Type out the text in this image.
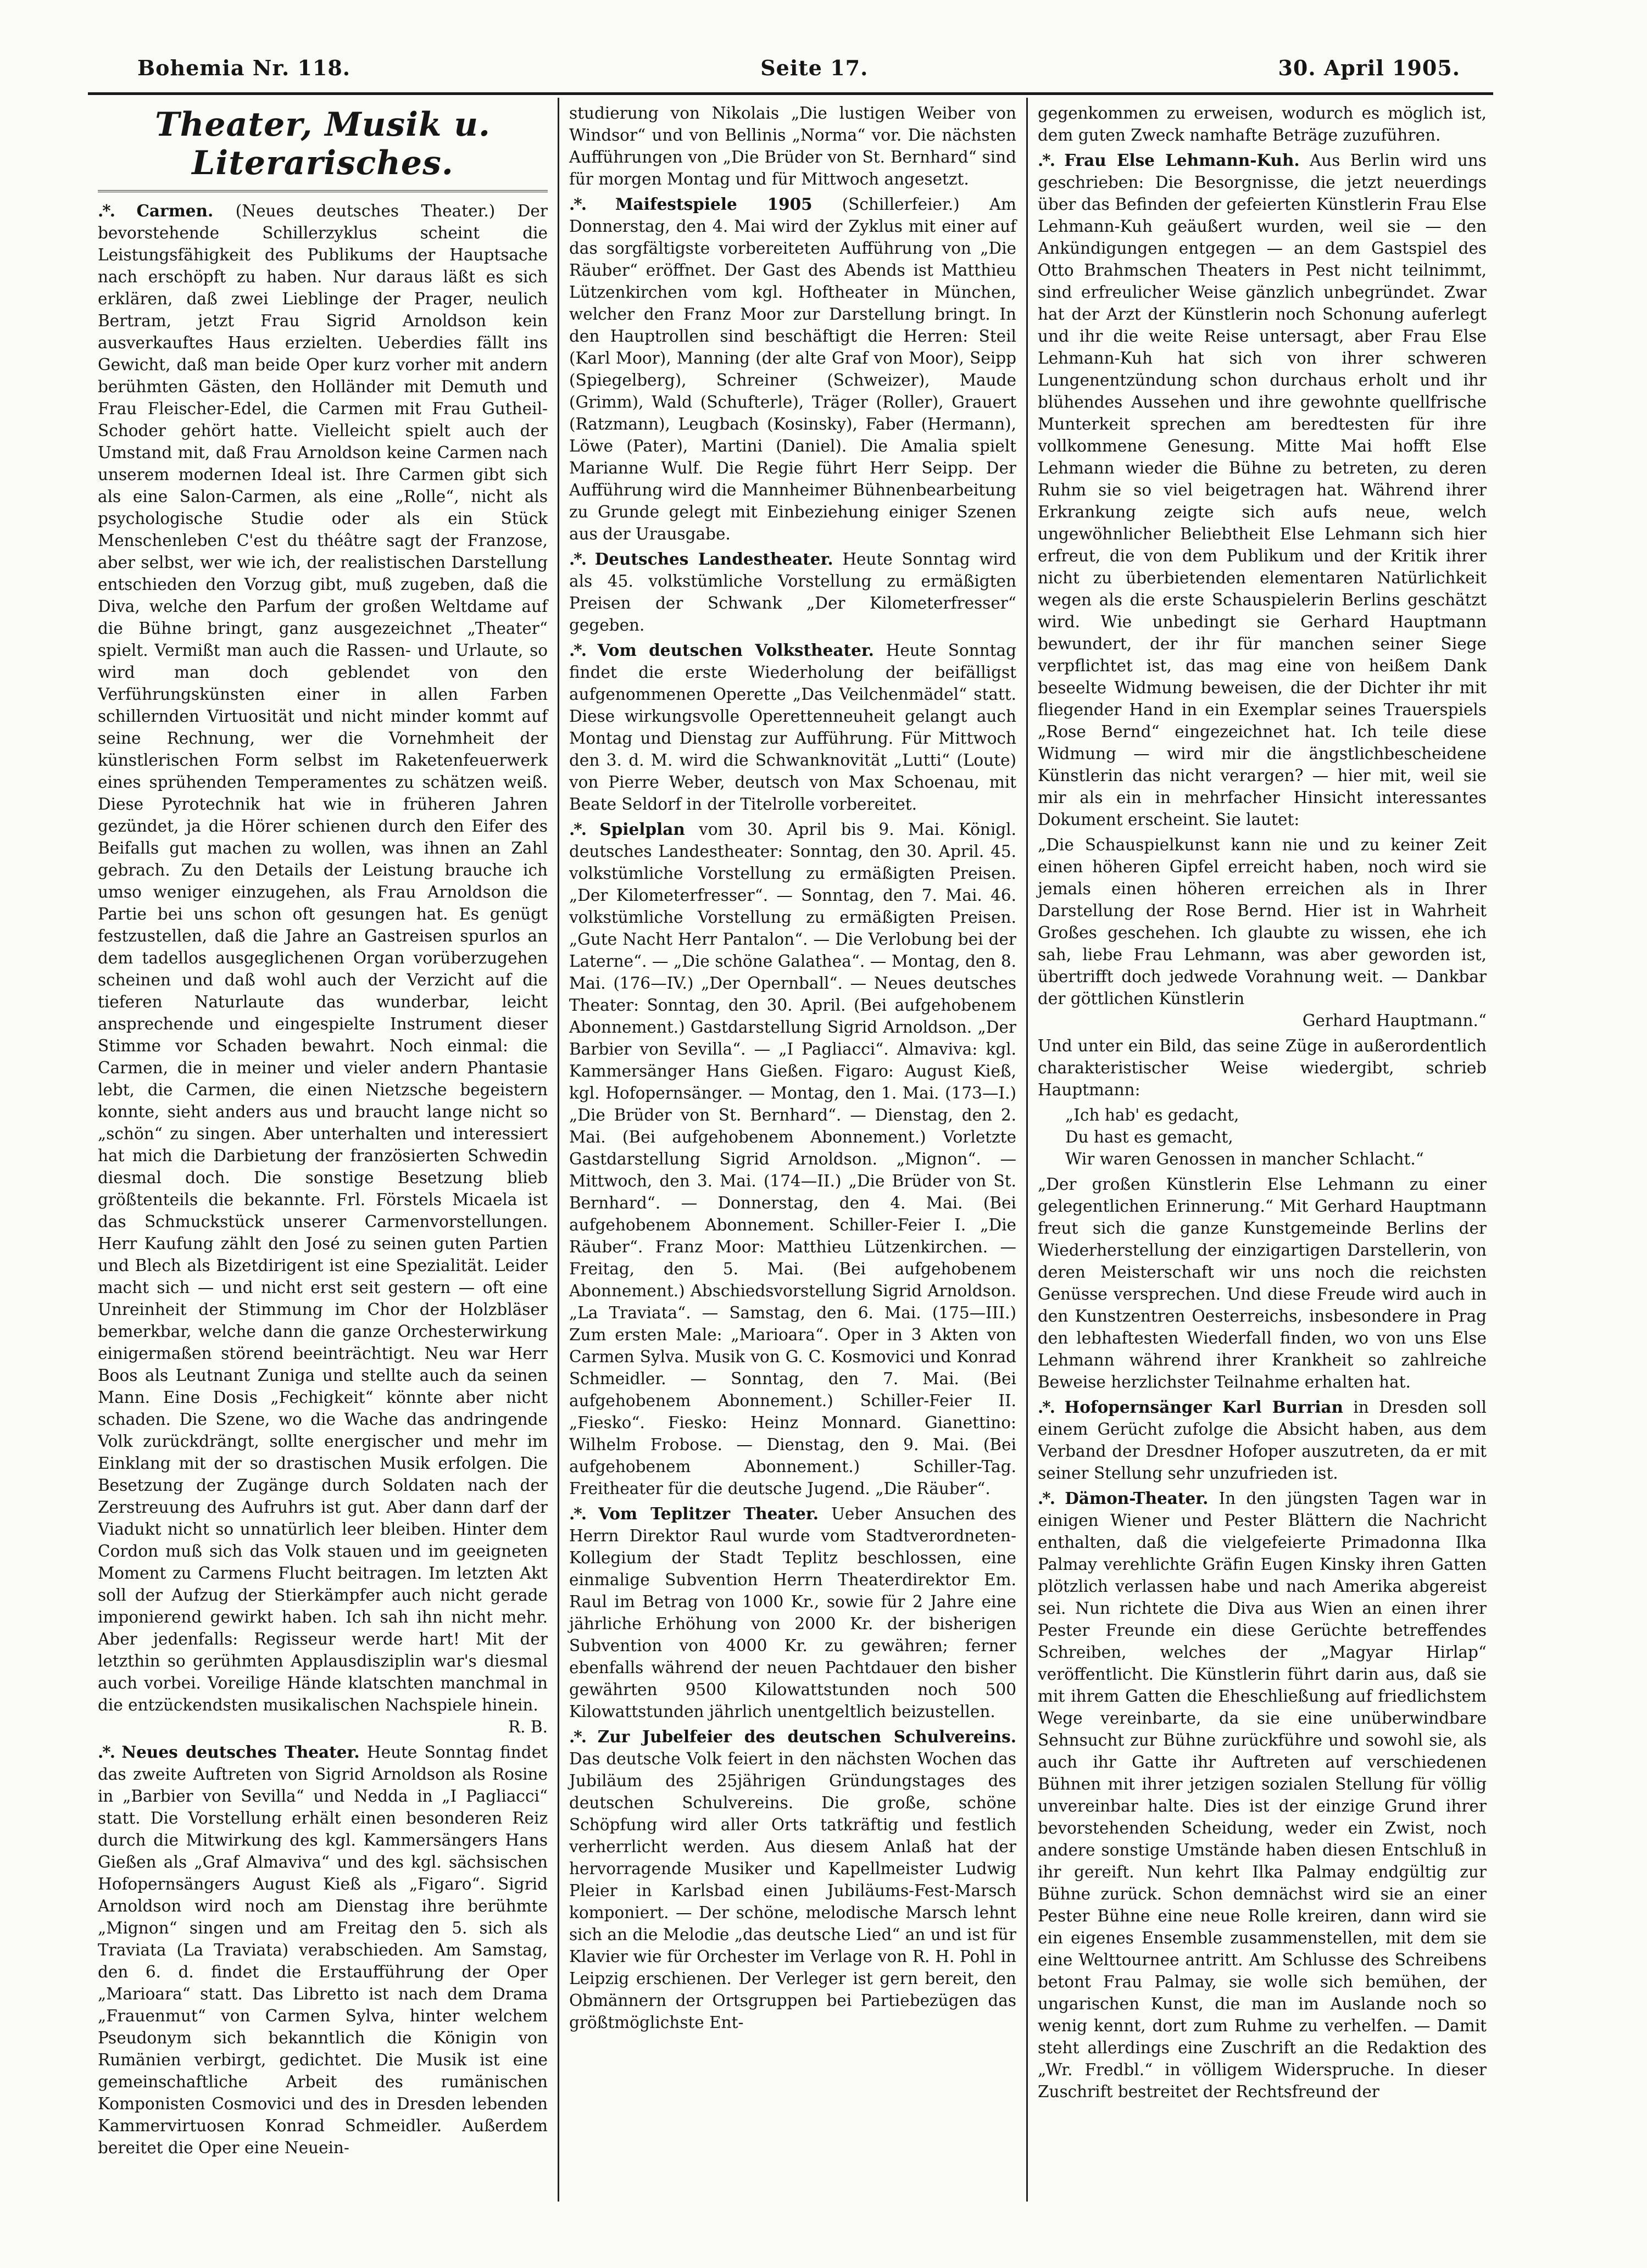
Bohemia Nr. 118.	Seite 17.	30. April 1905.
Theater, Musik u. Literarisches.

.*. Carmen. (Neues deutsches Theater.) Der bevorstehende Schillerzyklus scheint die Leistungsfähigkeit des Publikums der Hauptsache nach erschöpft zu haben. Nur daraus läßt es sich erklären, daß zwei Lieblinge der Prager, neulich Bertram, jetzt Frau Sigrid Arnoldson kein ausverkauftes Haus erzielten. Ueberdies fällt ins Gewicht, daß man beide Oper kurz vorher mit andern berühmten Gästen, den Holländer mit Demuth und Frau Fleischer-Edel, die Carmen mit Frau Gutheil-Schoder gehört hatte. Vielleicht spielt auch der Umstand mit, daß Frau Arnoldson keine Carmen nach unserem modernen Ideal ist. Ihre Carmen gibt sich als eine Salon-Carmen, als eine „Rolle“, nicht als psychologische Studie oder als ein Stück Menschenleben C'est du théâtre sagt der Franzose, aber selbst, wer wie ich, der realistischen Darstellung entschieden den Vorzug gibt, muß zugeben, daß die Diva, welche den Parfum der großen Weltdame auf die Bühne bringt, ganz ausgezeichnet „Theater“ spielt. Vermißt man auch die Rassen- und Urlaute, so wird man doch geblendet von den Verführungskünsten einer in allen Farben schillernden Virtuosität und nicht minder kommt auf seine Rechnung, wer die Vornehmheit der künstlerischen Form selbst im Raketenfeuerwerk eines sprühenden Temperamentes zu schätzen weiß. Diese Pyrotechnik hat wie in früheren Jahren gezündet, ja die Hörer schienen durch den Eifer des Beifalls gut machen zu wollen, was ihnen an Zahl gebrach. Zu den Details der Leistung brauche ich umso weniger einzugehen, als Frau Arnoldson die Partie bei uns schon oft gesungen hat. Es genügt festzustellen, daß die Jahre an Gastreisen spurlos an dem tadellos ausgeglichenen Organ vorüberzugehen scheinen und daß wohl auch der Verzicht auf die tieferen Naturlaute das wunderbar, leicht ansprechende und eingespielte Instrument dieser Stimme vor Schaden bewahrt. Noch einmal: die Carmen, die in meiner und vieler andern Phantasie lebt, die Carmen, die einen Nietzsche begeistern konnte, sieht anders aus und braucht lange nicht so „schön“ zu singen. Aber unterhalten und interessiert hat mich die Darbietung der französierten Schwedin diesmal doch. Die sonstige Besetzung blieb größtenteils die bekannte. Frl. Förstels Micaela ist das Schmuckstück unserer Carmenvorstellungen. Herr Kaufung zählt den José zu seinen guten Partien und Blech als Bizetdirigent ist eine Spezialität. Leider macht sich — und nicht erst seit gestern — oft eine Unreinheit der Stimmung im Chor der Holzbläser bemerkbar, welche dann die ganze Orchesterwirkung einigermaßen störend beeinträchtigt. Neu war Herr Boos als Leutnant Zuniga und stellte auch da seinen Mann. Eine Dosis „Fechigkeit“ könnte aber nicht schaden. Die Szene, wo die Wache das andringende Volk zurückdrängt, sollte energischer und mehr im Einklang mit der so drastischen Musik erfolgen. Die Besetzung der Zugänge durch Soldaten nach der Zerstreuung des Aufruhrs ist gut. Aber dann darf der Viadukt nicht so unnatürlich leer bleiben. Hinter dem Cordon muß sich das Volk stauen und im geeigneten Moment zu Carmens Flucht beitragen. Im letzten Akt soll der Aufzug der Stierkämpfer auch nicht gerade imponierend gewirkt haben. Ich sah ihn nicht mehr. Aber jedenfalls: Regisseur werde hart! Mit der letzthin so gerühmten Applausdisziplin war's diesmal auch vorbei. Voreilige Hände klatschten manchmal in die entzückendsten musikalischen Nachspiele hinein.
R. B.

.*. Neues deutsches Theater. Heute Sonntag findet das zweite Auftreten von Sigrid Arnoldson als Rosine in „Barbier von Sevilla“ und Nedda in „I Pagliacci“ statt. Die Vorstellung erhält einen besonderen Reiz durch die Mitwirkung des kgl. Kammersängers Hans Gießen als „Graf Almaviva“ und des kgl. sächsischen Hofopernsängers August Kieß als „Figaro“. Sigrid Arnoldson wird noch am Dienstag ihre berühmte „Mignon“ singen und am Freitag den 5. sich als Traviata (La Traviata) verabschieden. Am Samstag, den 6. d. findet die Erstaufführung der Oper „Marioara“ statt. Das Libretto ist nach dem Drama „Frauenmut“ von Carmen Sylva, hinter welchem Pseudonym sich bekanntlich die Königin von Rumänien verbirgt, gedichtet. Die Musik ist eine gemeinschaftliche Arbeit des rumänischen Komponisten Cosmovici und des in Dresden lebenden Kammervirtuosen Konrad Schmeidler. Außerdem bereitet die Oper eine Neuein-

studierung von Nikolais „Die lustigen Weiber von Windsor“ und von Bellinis „Norma“ vor. Die nächsten Aufführungen von „Die Brüder von St. Bernhard“ sind für morgen Montag und für Mittwoch angesetzt.

.*. Maifestspiele 1905 (Schillerfeier.) Am Donnerstag, den 4. Mai wird der Zyklus mit einer auf das sorgfältigste vorbereiteten Aufführung von „Die Räuber“ eröffnet. Der Gast des Abends ist Matthieu Lützenkirchen vom kgl. Hoftheater in München, welcher den Franz Moor zur Darstellung bringt. In den Hauptrollen sind beschäftigt die Herren: Steil (Karl Moor), Manning (der alte Graf von Moor), Seipp (Spiegelberg), Schreiner (Schweizer), Maude (Grimm), Wald (Schufterle), Träger (Roller), Grauert (Ratzmann), Leugbach (Kosinsky), Faber (Hermann), Löwe (Pater), Martini (Daniel). Die Amalia spielt Marianne Wulf. Die Regie führt Herr Seipp. Der Aufführung wird die Mannheimer Bühnenbearbeitung zu Grunde gelegt mit Einbeziehung einiger Szenen aus der Urausgabe.

.*. Deutsches Landestheater. Heute Sonntag wird als 45. volkstümliche Vorstellung zu ermäßigten Preisen der Schwank „Der Kilometerfresser“ gegeben.

.*. Vom deutschen Volkstheater. Heute Sonntag findet die erste Wiederholung der beifälligst aufgenommenen Operette „Das Veilchenmädel“ statt. Diese wirkungsvolle Operettenneuheit gelangt auch Montag und Dienstag zur Aufführung. Für Mittwoch den 3. d. M. wird die Schwanknovität „Lutti“ (Loute) von Pierre Weber, deutsch von Max Schoenau, mit Beate Seldorf in der Titelrolle vorbereitet.

.*. Spielplan vom 30. April bis 9. Mai. Königl. deutsches Landestheater: Sonntag, den 30. April. 45. volkstümliche Vorstellung zu ermäßigten Preisen. „Der Kilometerfresser“. — Sonntag, den 7. Mai. 46. volkstümliche Vorstellung zu ermäßigten Preisen. „Gute Nacht Herr Pantalon“. — Die Verlobung bei der Laterne“. — „Die schöne Galathea“. — Montag, den 8. Mai. (176—IV.) „Der Opernball“. — Neues deutsches Theater: Sonntag, den 30. April. (Bei aufgehobenem Abonnement.) Gastdarstellung Sigrid Arnoldson. „Der Barbier von Sevilla“. — „I Pagliacci“. Almaviva: kgl. Kammersänger Hans Gießen. Figaro: August Kieß, kgl. Hofopernsänger. — Montag, den 1. Mai. (173—I.) „Die Brüder von St. Bernhard“. — Dienstag, den 2. Mai. (Bei aufgehobenem Abonnement.) Vorletzte Gastdarstellung Sigrid Arnoldson. „Mignon“. — Mittwoch, den 3. Mai. (174—II.) „Die Brüder von St. Bernhard“. — Donnerstag, den 4. Mai. (Bei aufgehobenem Abonnement. Schiller-Feier I. „Die Räuber“. Franz Moor: Matthieu Lützenkirchen. — Freitag, den 5. Mai. (Bei aufgehobenem Abonnement.) Abschiedsvorstellung Sigrid Arnoldson. „La Traviata“. — Samstag, den 6. Mai. (175—III.) Zum ersten Male: „Marioara“. Oper in 3 Akten von Carmen Sylva. Musik von G. C. Kosmovici und Konrad Schmeidler. — Sonntag, den 7. Mai. (Bei aufgehobenem Abonnement.) Schiller-Feier II. „Fiesko“. Fiesko: Heinz Monnard. Gianettino: Wilhelm Frobose. — Dienstag, den 9. Mai. (Bei aufgehobenem Abonnement.) Schiller-Tag. Freitheater für die deutsche Jugend. „Die Räuber“.

.*. Vom Teplitzer Theater. Ueber Ansuchen des Herrn Direktor Raul wurde vom Stadtverordneten-Kollegium der Stadt Teplitz beschlossen, eine einmalige Subvention Herrn Theaterdirektor Em. Raul im Betrag von 1000 Kr., sowie für 2 Jahre eine jährliche Erhöhung von 2000 Kr. der bisherigen Subvention von 4000 Kr. zu gewähren; ferner ebenfalls während der neuen Pachtdauer den bisher gewährten 9500 Kilowattstunden noch 500 Kilowattstunden jährlich unentgeltlich beizustellen.

.*. Zur Jubelfeier des deutschen Schulvereins. Das deutsche Volk feiert in den nächsten Wochen das Jubiläum des 25jährigen Gründungstages des deutschen Schulvereins. Die große, schöne Schöpfung wird aller Orts tatkräftig und festlich verherrlicht werden. Aus diesem Anlaß hat der hervorragende Musiker und Kapellmeister Ludwig Pleier in Karlsbad einen Jubiläums-Fest-Marsch komponiert. — Der schöne, melodische Marsch lehnt sich an die Melodie „das deutsche Lied“ an und ist für Klavier wie für Orchester im Verlage von R. H. Pohl in Leipzig erschienen. Der Verleger ist gern bereit, den Obmännern der Ortsgruppen bei Partiebezügen das größtmöglichste Ent-

gegenkommen zu erweisen, wodurch es möglich ist, dem guten Zweck namhafte Beträge zuzuführen.

.*. Frau Else Lehmann-Kuh. Aus Berlin wird uns geschrieben: Die Besorgnisse, die jetzt neuerdings über das Befinden der gefeierten Künstlerin Frau Else Lehmann-Kuh geäußert wurden, weil sie — den Ankündigungen entgegen — an dem Gastspiel des Otto Brahmschen Theaters in Pest nicht teilnimmt, sind erfreulicher Weise gänzlich unbegründet. Zwar hat der Arzt der Künstlerin noch Schonung auferlegt und ihr die weite Reise untersagt, aber Frau Else Lehmann-Kuh hat sich von ihrer schweren Lungenentzündung schon durchaus erholt und ihr blühendes Aussehen und ihre gewohnte quellfrische Munterkeit sprechen am beredtesten für ihre vollkommene Genesung. Mitte Mai hofft Else Lehmann wieder die Bühne zu betreten, zu deren Ruhm sie so viel beigetragen hat. Während ihrer Erkrankung zeigte sich aufs neue, welch ungewöhnlicher Beliebtheit Else Lehmann sich hier erfreut, die von dem Publikum und der Kritik ihrer nicht zu überbietenden elementaren Natürlichkeit wegen als die erste Schauspielerin Berlins geschätzt wird. Wie unbedingt sie Gerhard Hauptmann bewundert, der ihr für manchen seiner Siege verpflichtet ist, das mag eine von heißem Dank beseelte Widmung beweisen, die der Dichter ihr mit fliegender Hand in ein Exemplar seines Trauerspiels „Rose Bernd“ eingezeichnet hat. Ich teile diese Widmung — wird mir die ängstlichbescheidene Künstlerin das nicht verargen? — hier mit, weil sie mir als ein in mehrfacher Hinsicht interessantes Dokument erscheint. Sie lautet:

„Die Schauspielkunst kann nie und zu keiner Zeit einen höheren Gipfel erreicht haben, noch wird sie jemals einen höheren erreichen als in Ihrer Darstellung der Rose Bernd. Hier ist in Wahrheit Großes geschehen. Ich glaubte zu wissen, ehe ich sah, liebe Frau Lehmann, was aber geworden ist, übertrifft doch jedwede Vorahnung weit. — Dankbar der göttlichen Künstlerin
Gerhard Hauptmann.“

Und unter ein Bild, das seine Züge in außerordentlich charakteristischer Weise wiedergibt, schrieb Hauptmann:

„Ich hab' es gedacht,
Du hast es gemacht,
Wir waren Genossen in mancher Schlacht.“

„Der großen Künstlerin Else Lehmann zu einer gelegentlichen Erinnerung.“ Mit Gerhard Hauptmann freut sich die ganze Kunstgemeinde Berlins der Wiederherstellung der einzigartigen Darstellerin, von deren Meisterschaft wir uns noch die reichsten Genüsse versprechen. Und diese Freude wird auch in den Kunstzentren Oesterreichs, insbesondere in Prag den lebhaftesten Wiederfall finden, wo von uns Else Lehmann während ihrer Krankheit so zahlreiche Beweise herzlichster Teilnahme erhalten hat.

.*. Hofopernsänger Karl Burrian in Dresden soll einem Gerücht zufolge die Absicht haben, aus dem Verband der Dresdner Hofoper auszutreten, da er mit seiner Stellung sehr unzufrieden ist.

.*. Dämon-Theater. In den jüngsten Tagen war in einigen Wiener und Pester Blättern die Nachricht enthalten, daß die vielgefeierte Primadonna Ilka Palmay verehlichte Gräfin Eugen Kinsky ihren Gatten plötzlich verlassen habe und nach Amerika abgereist sei. Nun richtete die Diva aus Wien an einen ihrer Pester Freunde ein diese Gerüchte betreffendes Schreiben, welches der „Magyar Hirlap“ veröffentlicht. Die Künstlerin führt darin aus, daß sie mit ihrem Gatten die Eheschließung auf friedlichstem Wege vereinbarte, da sie eine unüberwindbare Sehnsucht zur Bühne zurückführe und sowohl sie, als auch ihr Gatte ihr Auftreten auf verschiedenen Bühnen mit ihrer jetzigen sozialen Stellung für völlig unvereinbar halte. Dies ist der einzige Grund ihrer bevorstehenden Scheidung, weder ein Zwist, noch andere sonstige Umstände haben diesen Entschluß in ihr gereift. Nun kehrt Ilka Palmay endgültig zur Bühne zurück. Schon demnächst wird sie an einer Pester Bühne eine neue Rolle kreiren, dann wird sie ein eigenes Ensemble zusammenstellen, mit dem sie eine Welttournee antritt. Am Schlusse des Schreibens betont Frau Palmay, sie wolle sich bemühen, der ungarischen Kunst, die man im Auslande noch so wenig kennt, dort zum Ruhme zu verhelfen. — Damit steht allerdings eine Zuschrift an die Redaktion des „Wr. Fredbl.“ in völligem Widerspruche. In dieser Zuschrift bestreitet der Rechtsfreund der
